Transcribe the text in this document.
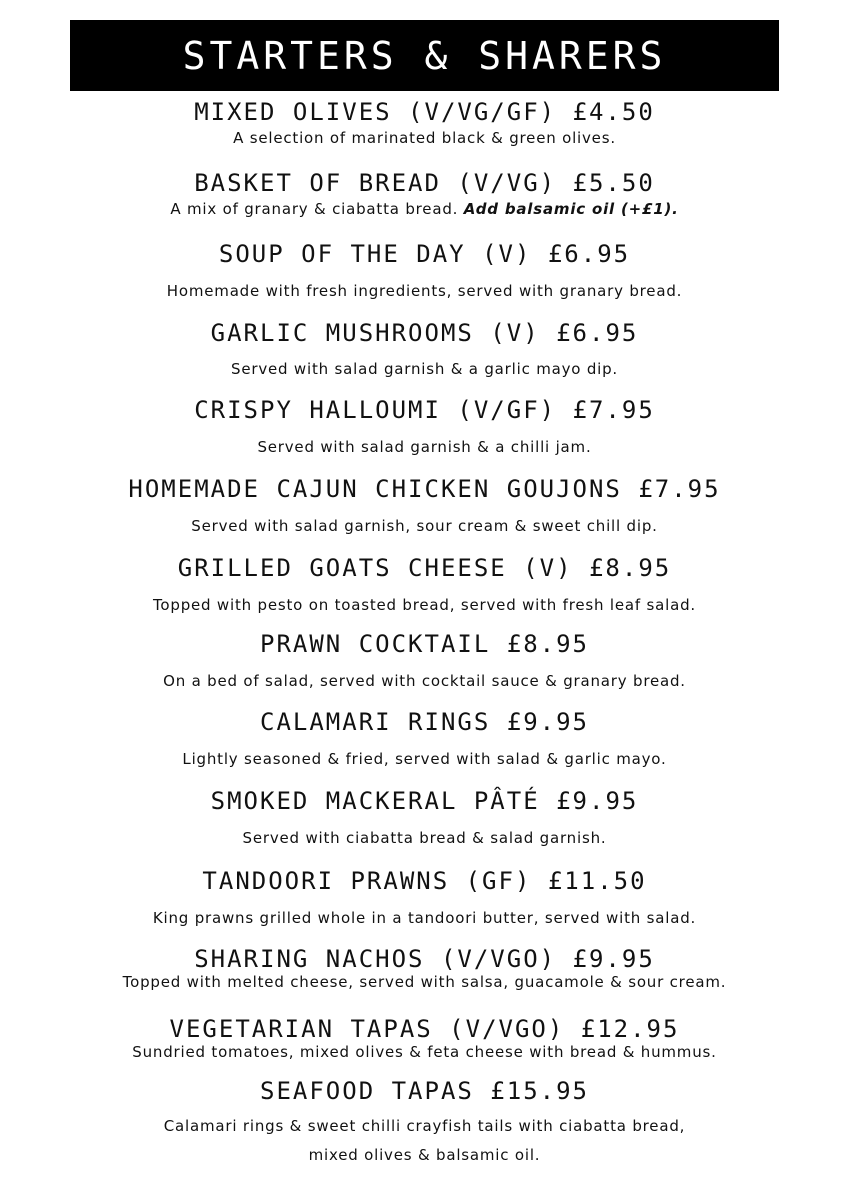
STARTERS & SHARERS
MIXED OLIVES (V/VG/GF) £4.50
A selection of marinated black & green olives.
BASKET OF BREAD (V/VG) £5.50
A mix of granary & ciabatta bread. Add balsamic oil (+£1).
SOUP OF THE DAY (V) £6.95
Homemade with fresh ingredients, served with granary bread.
GARLIC MUSHROOMS (V) £6.95
Served with salad garnish & a garlic mayo dip.
CRISPY HALLOUMI (V/GF) £7.95
Served with salad garnish & a chilli jam.
HOMEMADE CAJUN CHICKEN GOUJONS £7.95
Served with salad garnish, sour cream & sweet chill dip.
GRILLED GOATS CHEESE (V) £8.95
Topped with pesto on toasted bread, served with fresh leaf salad.
PRAWN COCKTAIL £8.95
On a bed of salad, served with cocktail sauce & granary bread.
CALAMARI RINGS £9.95
Lightly seasoned & fried, served with salad & garlic mayo.
SMOKED MACKERAL PÂTÉ £9.95
Served with ciabatta bread & salad garnish.
TANDOORI PRAWNS (GF) £11.50
King prawns grilled whole in a tandoori butter, served with salad.
SHARING NACHOS (V/VGO) £9.95
Topped with melted cheese, served with salsa, guacamole & sour cream.
VEGETARIAN TAPAS (V/VGO) £12.95
Sundried tomatoes, mixed olives & feta cheese with bread & hummus.
SEAFOOD TAPAS £15.95
Calamari rings & sweet chilli crayfish tails with ciabatta bread,
mixed olives & balsamic oil.
